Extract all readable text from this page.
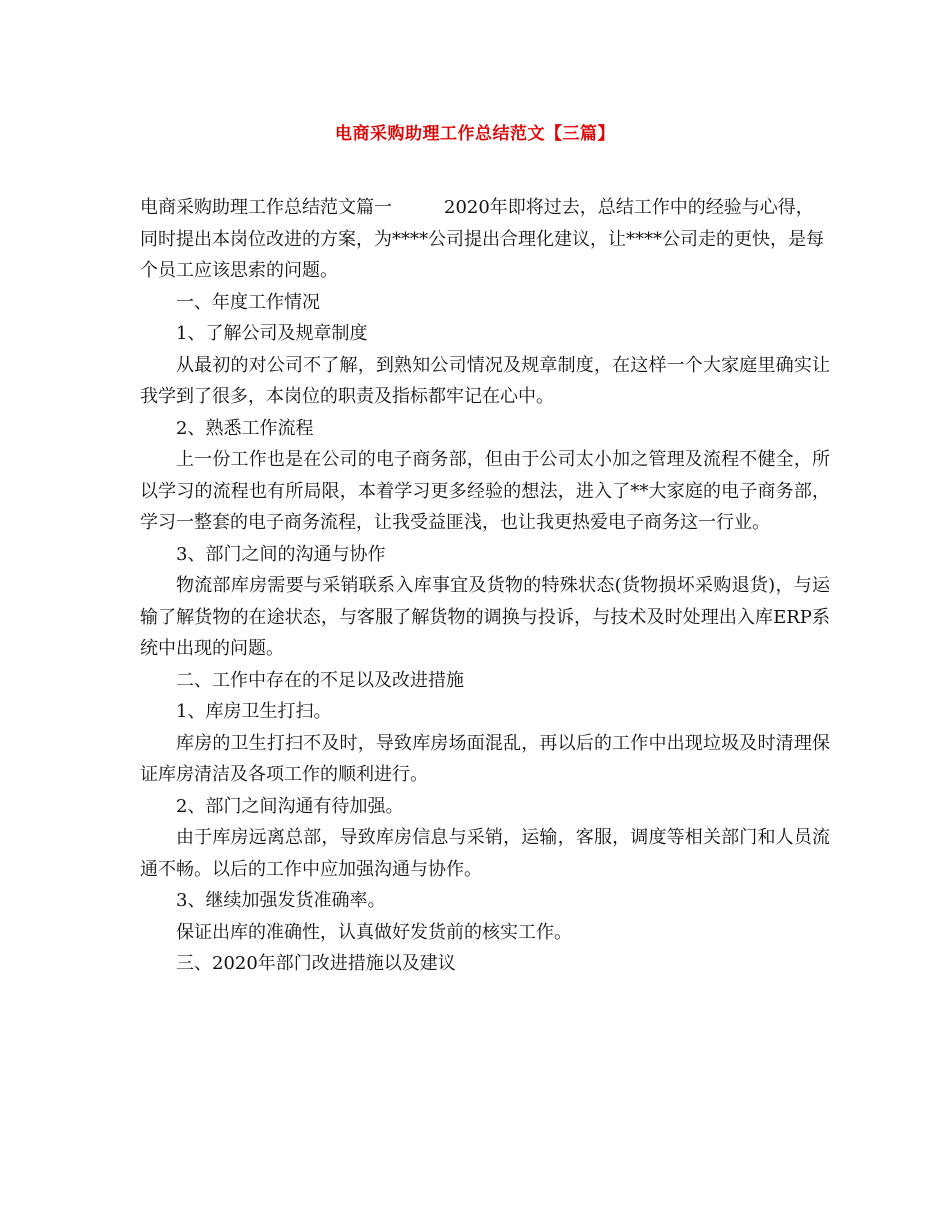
电商采购助理工作总结范文【三篇】

电商采购助理工作总结范文篇一	2020年即将过去，总结工作中的经验与心得，同时提出本岗位改进的方案，为****公司提出合理化建议，让****公司走的更快，是每个员工应该思索的问题。

一、年度工作情况

1、了解公司及规章制度

从最初的对公司不了解，到熟知公司情况及规章制度，在这样一个大家庭里确实让我学到了很多，本岗位的职责及指标都牢记在心中。

2、熟悉工作流程

上一份工作也是在公司的电子商务部，但由于公司太小加之管理及流程不健全，所以学习的流程也有所局限，本着学习更多经验的想法，进入了**大家庭的电子商务部，学习一整套的电子商务流程，让我受益匪浅，也让我更热爱电子商务这一行业。

3、部门之间的沟通与协作

物流部库房需要与采销联系入库事宜及货物的特殊状态(货物损坏采购退货)，与运输了解货物的在途状态，与客服了解货物的调换与投诉，与技术及时处理出入库ERP系统中出现的问题。

二、工作中存在的不足以及改进措施

1、库房卫生打扫。

库房的卫生打扫不及时，导致库房场面混乱，再以后的工作中出现垃圾及时清理保证库房清洁及各项工作的顺利进行。

2、部门之间沟通有待加强。

由于库房远离总部，导致库房信息与采销，运输，客服，调度等相关部门和人员流通不畅。以后的工作中应加强沟通与协作。

3、继续加强发货准确率。

保证出库的准确性，认真做好发货前的核实工作。

三、2020年部门改进措施以及建议
